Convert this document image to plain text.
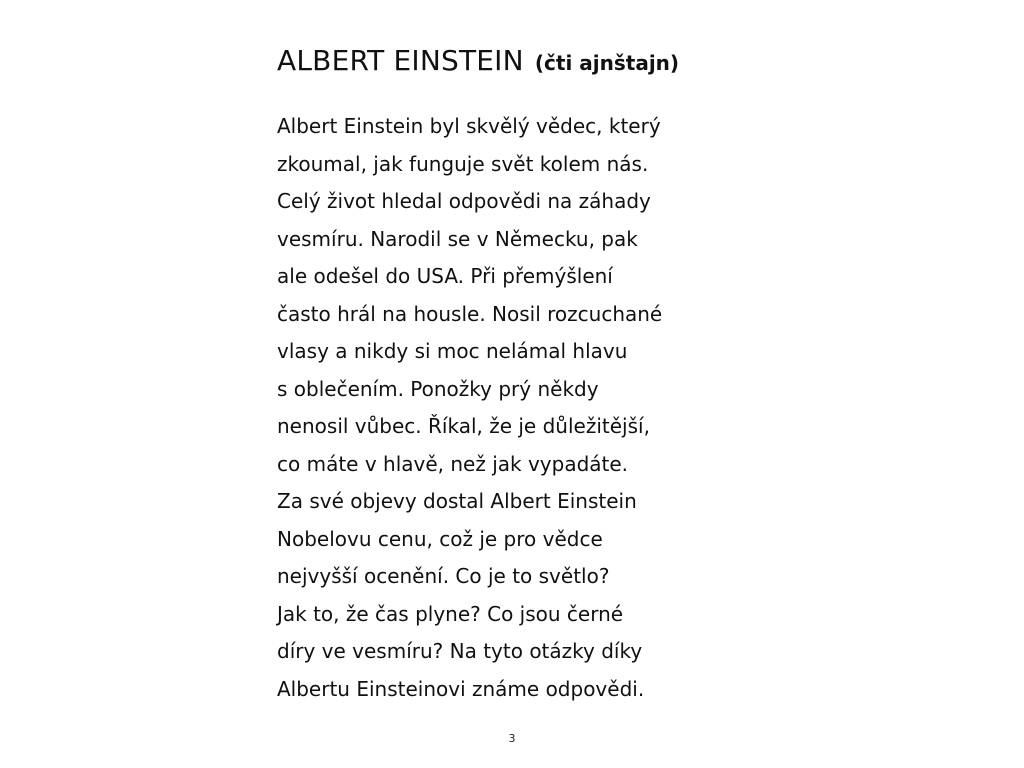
ALBERT EINSTEIN (čti ajnštajn)
Albert Einstein byl skvělý vědec, který
zkoumal, jak funguje svět kolem nás.
Celý život hledal odpovědi na záhady
vesmíru. Narodil se v Německu, pak
ale odešel do USA. Při přemýšlení
často hrál na housle. Nosil rozcuchané
vlasy a nikdy si moc nelámal hlavu
s oblečením. Ponožky prý někdy
nenosil vůbec. Říkal, že je důležitější,
co máte v hlavě, než jak vypadáte.
Za své objevy dostal Albert Einstein
Nobelovu cenu, což je pro vědce
nejvyšší ocenění. Co je to světlo?
Jak to, že čas plyne? Co jsou černé
díry ve vesmíru? Na tyto otázky díky
Albertu Einsteinovi známe odpovědi.
3
